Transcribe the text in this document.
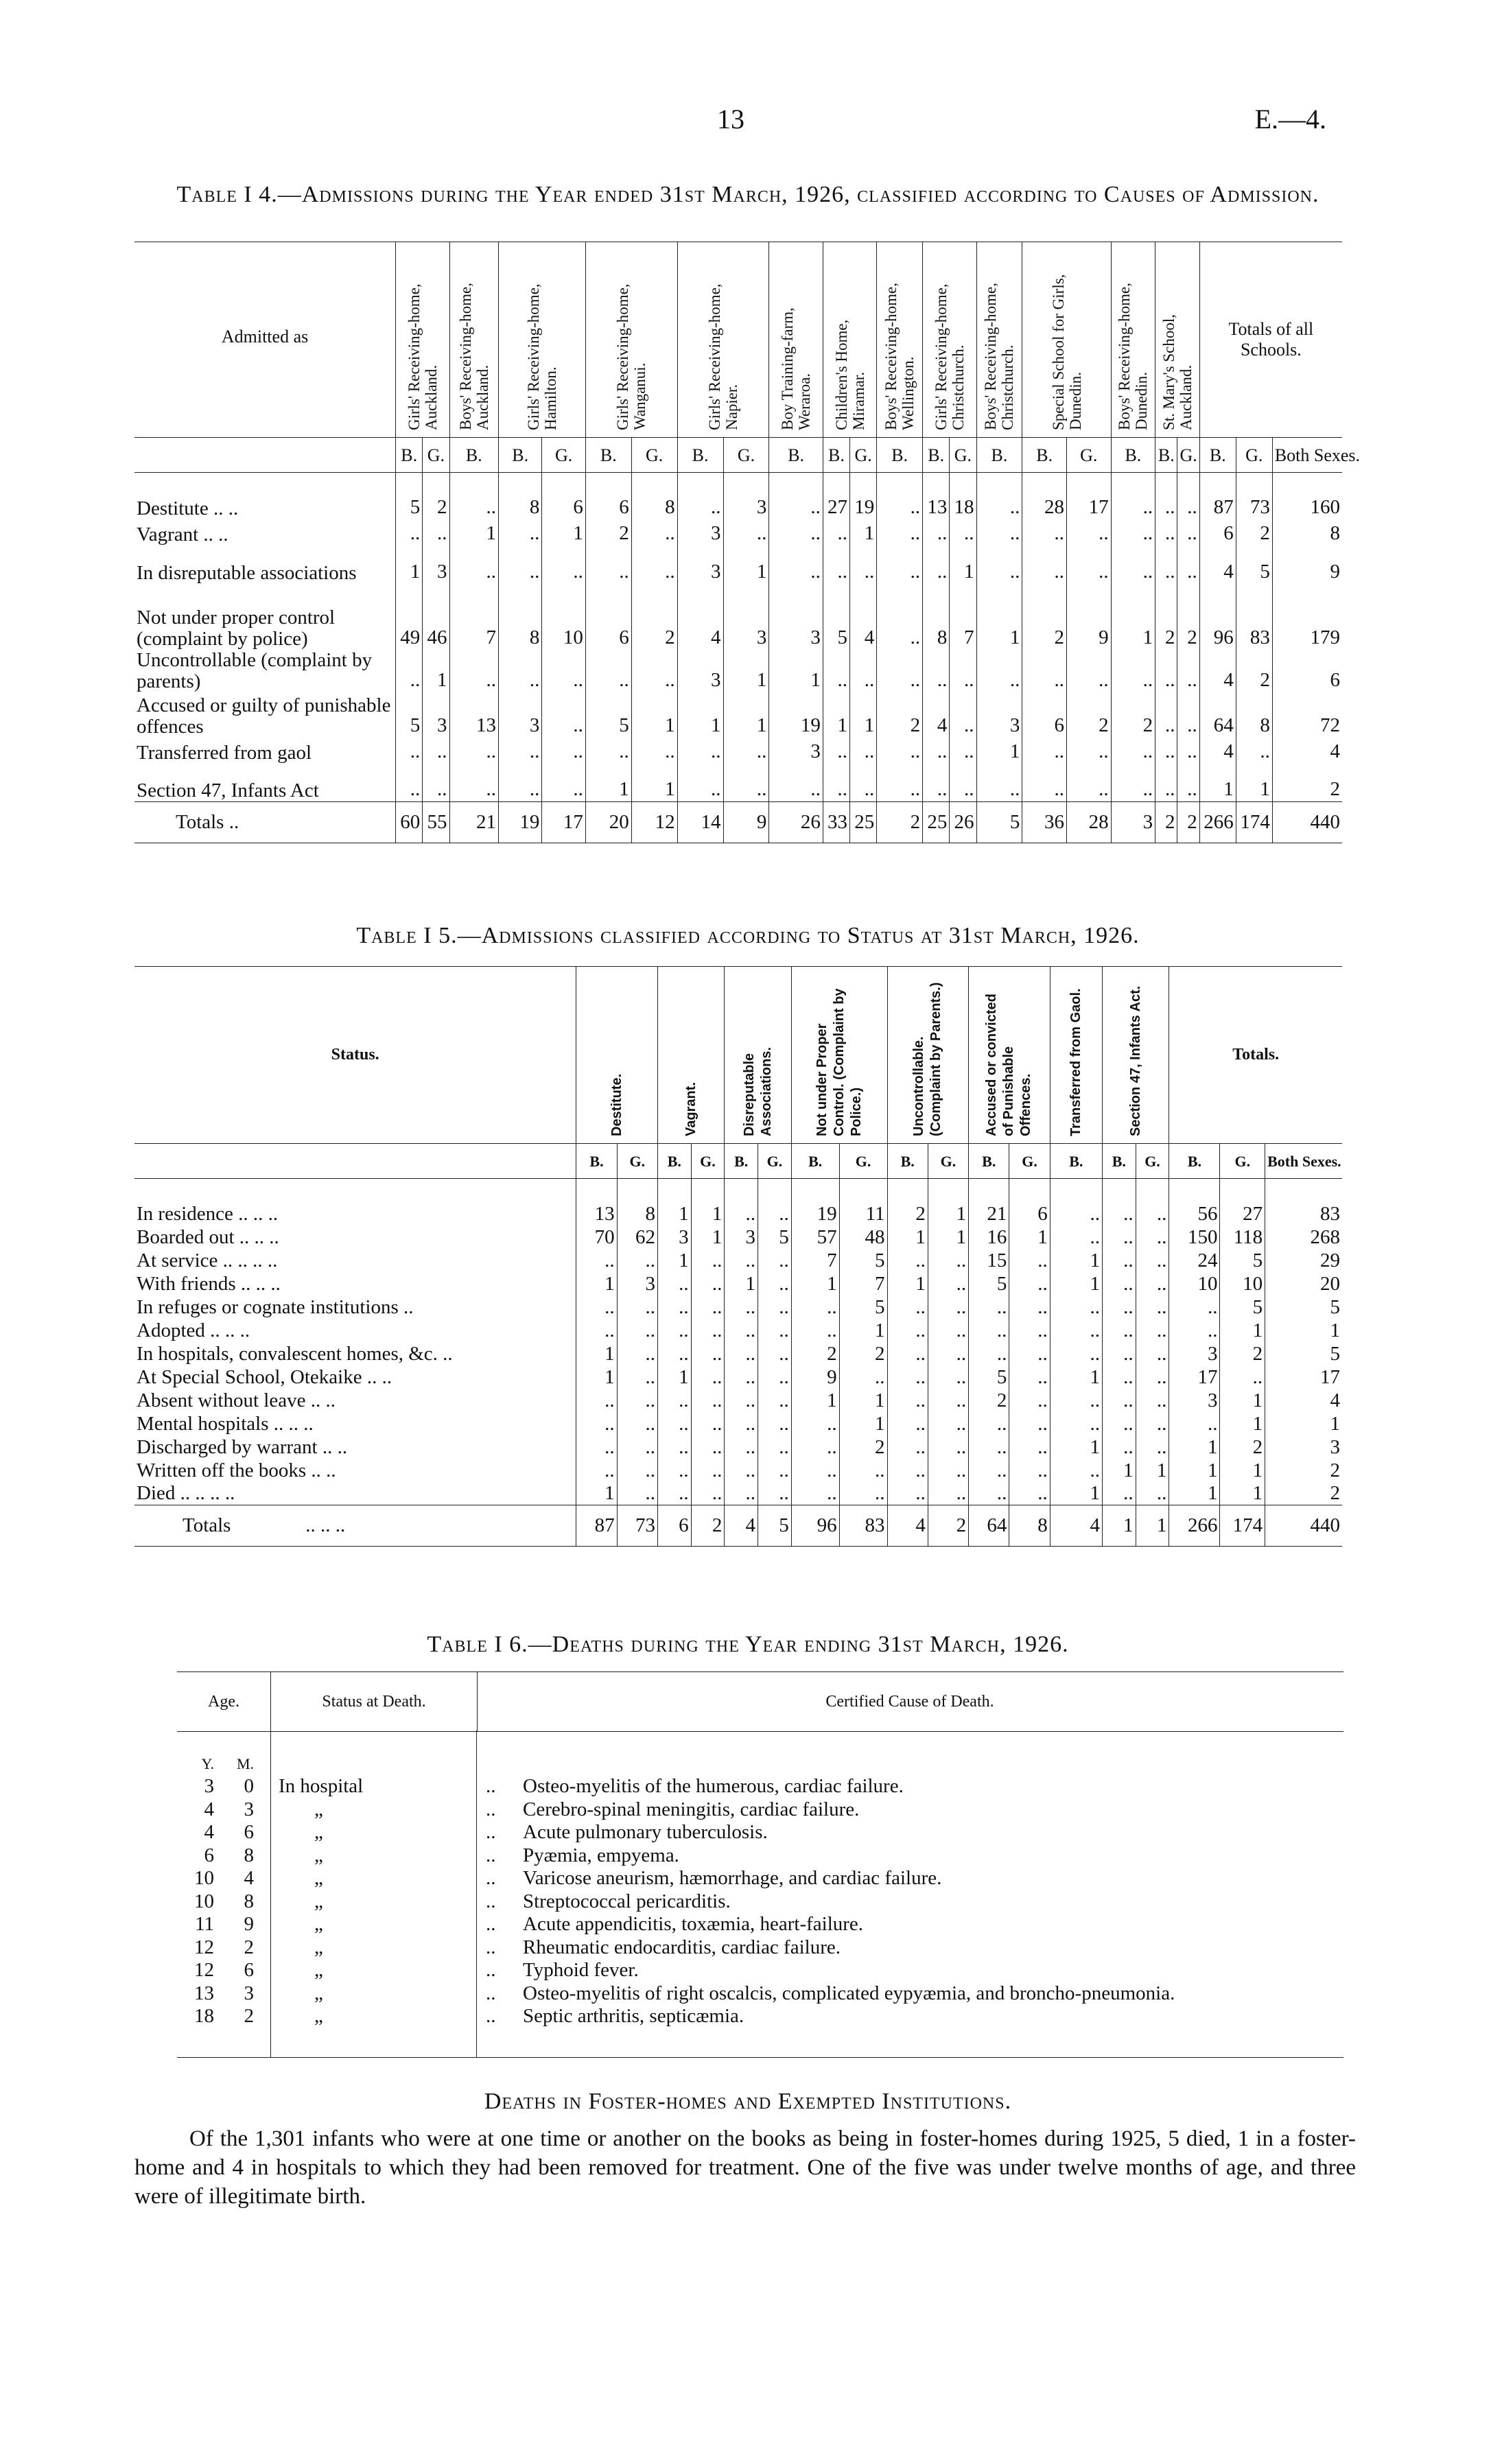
13	E.—4.
Table I 4.—Admissions during the Year ended 31st March, 1926, classified according to Causes of Admission.
Admitted as	Girls' Receiving-home, Auckland.		Boys' Receiving-home, Auckland.	Girls' Receiving-home, Hamilton.		Girls' Receiving-home, Wanganui.		Girls' Receiving-home, Napier.		Boy Training-farm, Weraroa.	Children's Home, Miramar.		Boys' Receiving-home, Wellington.	Girls' Receiving-home, Christchurch.		Boys' Receiving-home, Christchurch.	Special School for Girls, Dunedin.		Boys' Receiving-home, Dunedin.	St. Mary's School, Auckland.		Totals of all Schools.		
	B.	G.	B.	B.	G.	B.	G.	B.	G.	B.	B.	G.	B.	B.	G.	B.	B.	G.	B.	B.	G.	B.	G.	Both Sexes.
Destitute .. ..	5	2	..	8	6	6	8	..	3	..	27	19	..	13	18	..	28	17	..	..	..	87	73	160
Vagrant .. ..	..	..	1	..	1	2	..	3	..	..	..	1	..	..	..	..	..	..	..	..	..	6	2	8
In disreputable associations	1	3	..	..	..	..	..	3	1	..	..	..	..	..	1	..	..	..	..	..	..	4	5	9
Not under proper control (complaint by police)	49	46	7	8	10	6	2	4	3	3	5	4	..	8	7	1	2	9	1	2	2	96	83	179
Uncontrollable (complaint by parents)	..	1	..	..	..	..	..	3	1	1	..	..	..	..	..	..	..	..	..	..	..	4	2	6
Accused or guilty of punishable offences	5	3	13	3	..	5	1	1	1	19	1	1	2	4	..	3	6	2	2	..	..	64	8	72
Transferred from gaol	..	..	..	..	..	..	..	..	..	3	..	..	..	..	..	1	..	..	..	..	..	4	..	4
Section 47, Infants Act	..	..	..	..	..	1	1	..	..	..	..	..	..	..	..	..	..	..	..	..	..	1	1	2
Totals ..	60	55	21	19	17	20	12	14	9	26	33	25	2	25	26	5	36	28	3	2	2	266	174	440
Table I 5.—Admissions classified according to Status at 31st March, 1926.
Status.	Destitute.		Vagrant.		Disreputable Associations.		Not under Proper Control. (Complaint by Police.)		Uncontrollable. (Complaint by Parents.)		Accused or convicted of Punishable Offences.		Transferred from Gaol.	Section 47, Infants Act.		Totals.		
	B.	G.	B.	G.	B.	G.	B.	G.	B.	G.	B.	G.	B.	B.	G.	B.	G.	Both Sexes.
In residence .. .. ..	13	8	1	1	..	..	19	11	2	1	21	6	..	..	..	56	27	83
Boarded out .. .. ..	70	62	3	1	3	5	57	48	1	1	16	1	..	..	..	150	118	268
At service .. .. .. ..	..	..	1	..	..	..	7	5	..	..	15	..	1	..	..	24	5	29
With friends .. .. ..	1	3	..	..	1	..	1	7	1	..	5	..	1	..	..	10	10	20
In refuges or cognate institutions ..	..	..	..	..	..	..	..	5	..	..	..	..	..	..	..	..	5	5
Adopted .. .. ..	..	..	..	..	..	..	..	1	..	..	..	..	..	..	..	..	1	1
In hospitals, convalescent homes, &c. ..	1	..	..	..	..	..	2	2	..	..	..	..	..	..	..	3	2	5
At Special School, Otekaike .. ..	1	..	1	..	..	..	9	..	..	..	5	..	1	..	..	17	..	17
Absent without leave .. ..	..	..	..	..	..	..	1	1	..	..	2	..	..	..	..	3	1	4
Mental hospitals .. .. ..	..	..	..	..	..	..	..	1	..	..	..	..	..	..	..	..	1	1
Discharged by warrant .. ..	..	..	..	..	..	..	..	2	..	..	..	..	1	..	..	1	2	3
Written off the books .. ..	..	..	..	..	..	..	..	..	..	..	..	..	..	1	1	1	1	2
Died .. .. .. ..	1	..	..	..	..	..	..	..	..	..	..	..	1	..	..	1	1	2
Totals               .. .. ..	87	73	6	2	4	5	96	83	4	2	64	8	4	1	1	266	174	440
Table I 6.—Deaths during the Year ending 31st March, 1926.
Age.	Status at Death.	Certified Cause of Death.
Y.	M.
3	0 In hospital	.. Osteo-myelitis of the humerous, cardiac failure.
4	3	„	.. Cerebro-spinal meningitis, cardiac failure.
4	6	„	.. Acute pulmonary tuberculosis.
6	8	„	.. Pyæmia, empyema.
10	4	„	.. Varicose aneurism, hæmorrhage, and cardiac failure.
10	8	„	.. Streptococcal pericarditis.
11	9	„	.. Acute appendicitis, toxæmia, heart-failure.
12	2	„	.. Rheumatic endocarditis, cardiac failure.
12	6	„	.. Typhoid fever.
13	3	„	.. Osteo-myelitis of right oscalcis, complicated eypyæmia, and broncho-pneumonia.
18	2	„	.. Septic arthritis, septicæmia.
Deaths in Foster-homes and Exempted Institutions.
Of the 1,301 infants who were at one time or another on the books as being in foster-homes during 1925, 5 died, 1 in a foster-home and 4 in hospitals to which they had been removed for treatment. One of the five was under twelve months of age, and three were of illegitimate birth.
